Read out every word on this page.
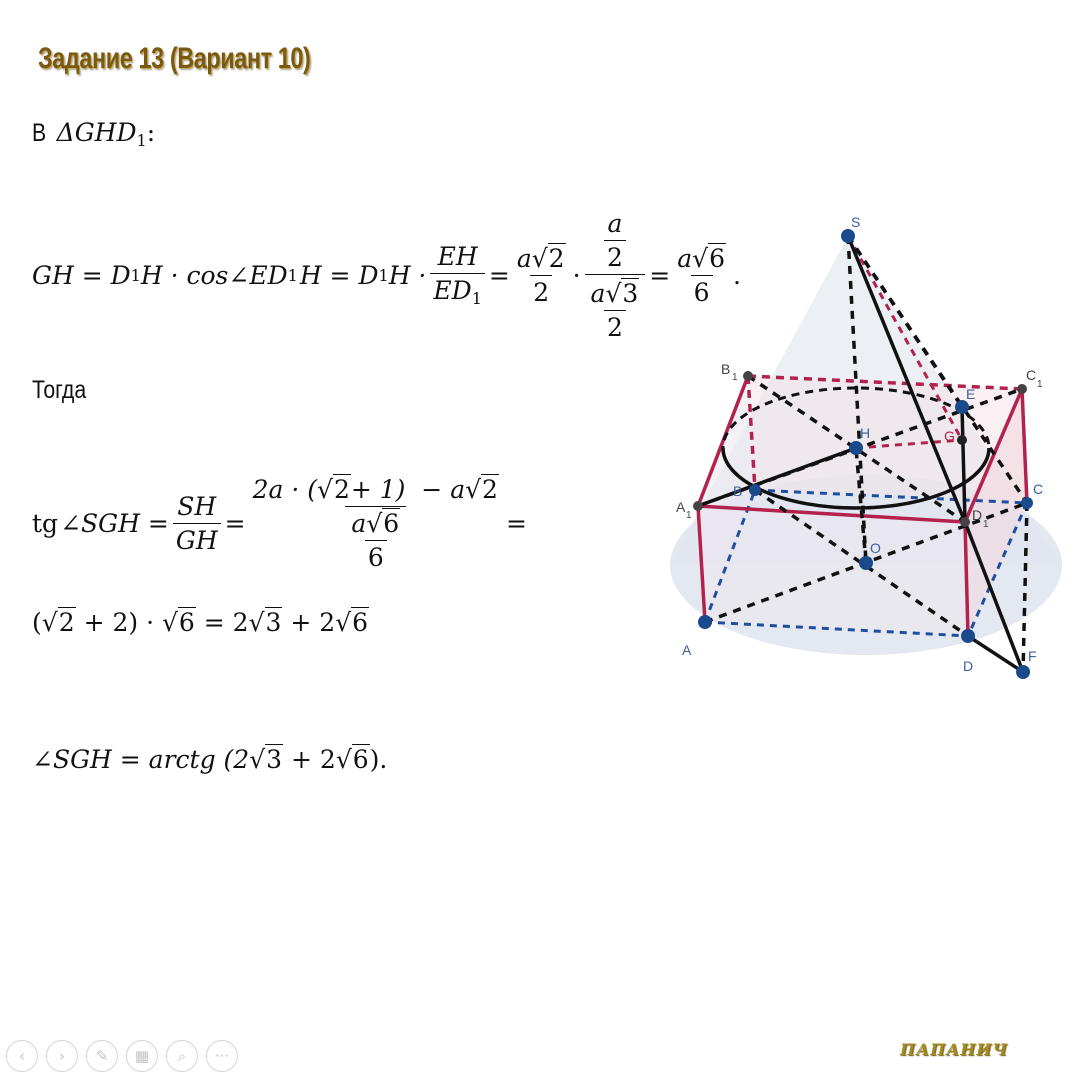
Задание 13 (Вариант 10)
В $\Delta GHD_1$:
GH = D 1 H · cos∠ED 1 H = D 1 $H \cdot \frac{EH}{ED_1} = \frac{a√2}{2} \cdot \frac{\frac{a}{2}}{\frac{a√3}{2}} = \frac{a√6}{6}$ .
Тогда
tg ∠SGH = $\frac{SH}{GH} = \frac{2a \cdot (√2+ 1) - a√2}{\frac{a√6}{6}}$ =
(√2 + 2) · √6 = 2√3 + 2√6
∠SGH = arctg (2√3 + 2√6).
S
B
1	C
1
A
1	D
1
E
G
H
B	C
O
A
D
F
‹ › ✎ ▦ ⌕ ···	ПАПАНИЧ
